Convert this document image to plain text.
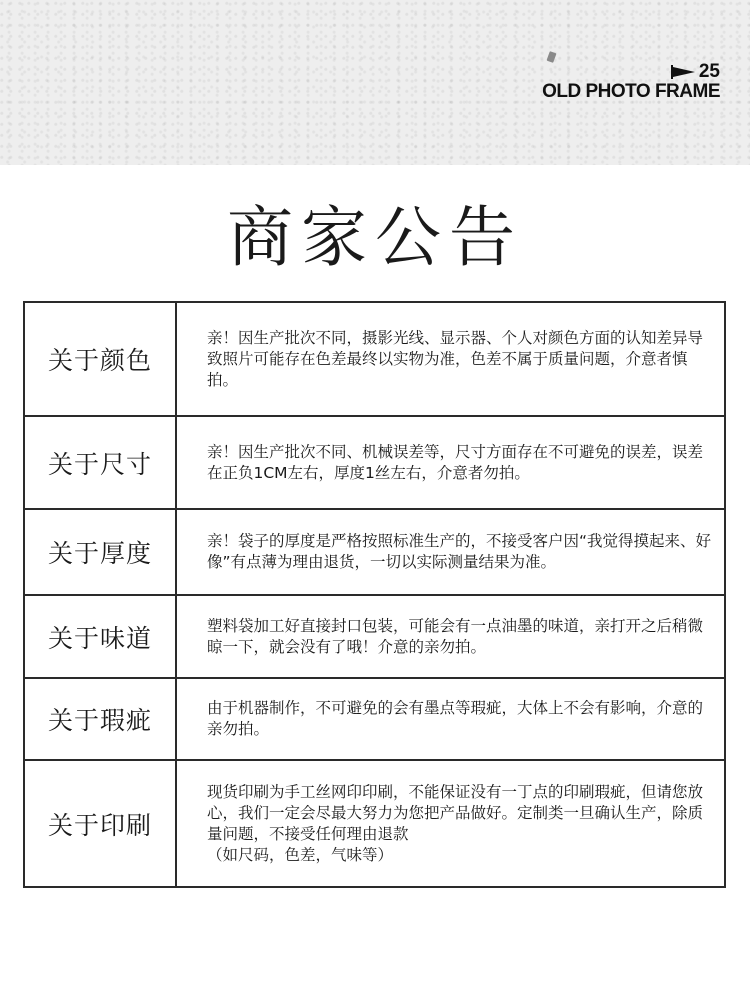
25
OLD PHOTO FRAME
商家公告
关于颜色	亲！因生产批次不同，摄影光线、显示器、个人对颜色方面的认知差异导致照片可能存在色差最终以实物为准，色差不属于质量问题，介意者慎拍。

关于尺寸	亲！因生产批次不同、机械误差等，尺寸方面存在不可避免的误差，误差在正负1CM左右，厚度1丝左右，介意者勿拍。

关于厚度	亲！袋子的厚度是严格按照标准生产的，不接受客户因“我觉得摸起来、好像”有点薄为理由退货，一切以实际测量结果为准。

关于味道	塑料袋加工好直接封口包装，可能会有一点油墨的味道，亲打开之后稍微晾一下，就会没有了哦！介意的亲勿拍。

关于瑕疵	由于机器制作，不可避免的会有墨点等瑕疵，大体上不会有影响，介意的亲勿拍。

关于印刷	现货印刷为手工丝网印印刷，不能保证没有一丁点的印刷瑕疵，但请您放心，我们一定会尽最大努力为您把产品做好。定制类一旦确认生产，除质量问题，不接受任何理由退款
（如尺码，色差，气味等）
